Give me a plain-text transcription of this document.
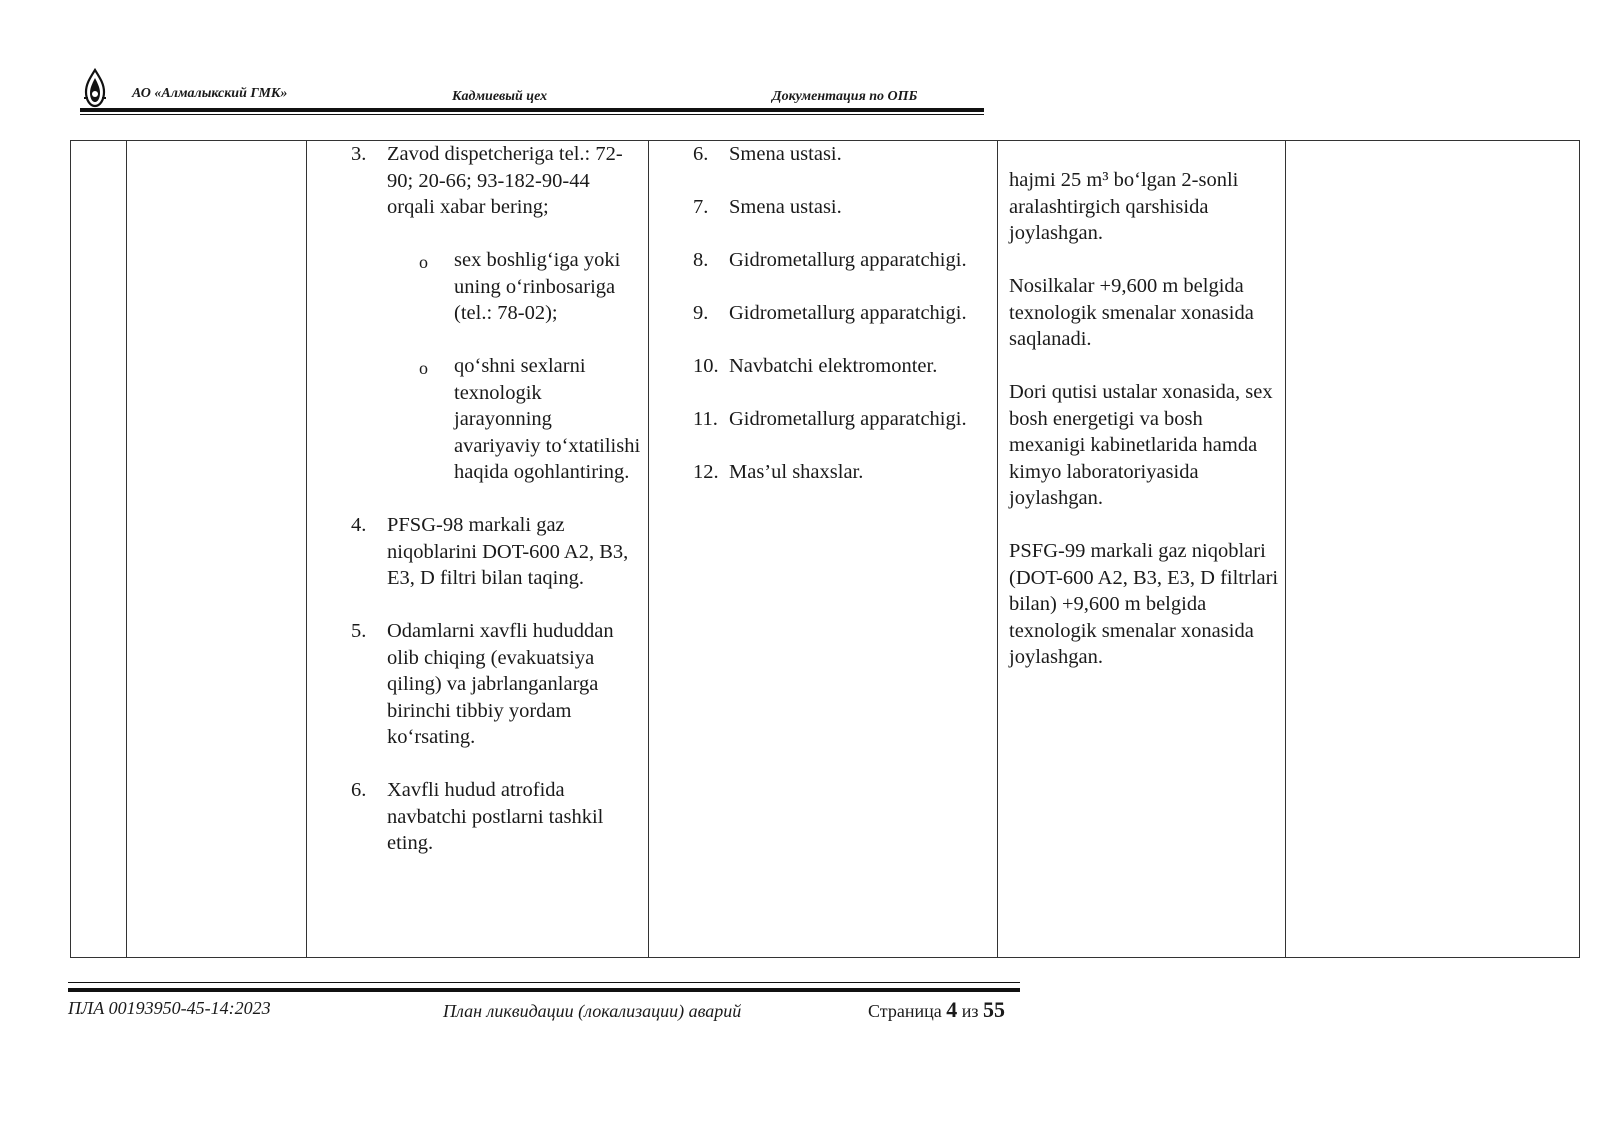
АО «Алмалыкский ГМК»	Кадмиевый цех	Документация по ОПБ
3. Zavod dispetcheriga tel.: 72-90; 20-66; 93-182-90-44 orqali xabar bering;
o sex boshligʻiga yoki uning oʻrinbosariga (tel.: 78-02);
o qoʻshni sexlarni texnologik jarayonning avariyaviy toʻxtatilishi haqida ogohlantiring.
4. PFSG-98 markali gaz niqoblarini DOT-600 A2, B3, E3, D filtri bilan taqing.
5. Odamlarni xavfli hududdan olib chiqing (evakuatsiya qiling) va jabrlanganlarga birinchi tibbiy yordam koʻrsating.
6. Xavfli hudud atrofida navbatchi postlarni tashkil eting.
6. Smena ustasi.
7. Smena ustasi.
8. Gidrometallurg apparatchigi.
9. Gidrometallurg apparatchigi.
10. Navbatchi elektromonter.
11. Gidrometallurg apparatchigi.
12. Mas’ul shaxslar.
hajmi 25 m³ boʻlgan 2-sonli aralashtirgich qarshisida joylashgan.
Nosilkalar +9,600 m belgida texnologik smenalar xonasida saqlanadi.
Dori qutisi ustalar xonasida, sex bosh energetigi va bosh mexanigi kabinetlarida hamda kimyo laboratoriyasida joylashgan.
PSFG-99 markali gaz niqoblari (DOT-600 A2, B3, E3, D filtrlari bilan) +9,600 m belgida texnologik smenalar xonasida joylashgan.
ПЛА 00193950-45-14:2023	План ликвидации (локализации) аварий	Страница 4 из 55
